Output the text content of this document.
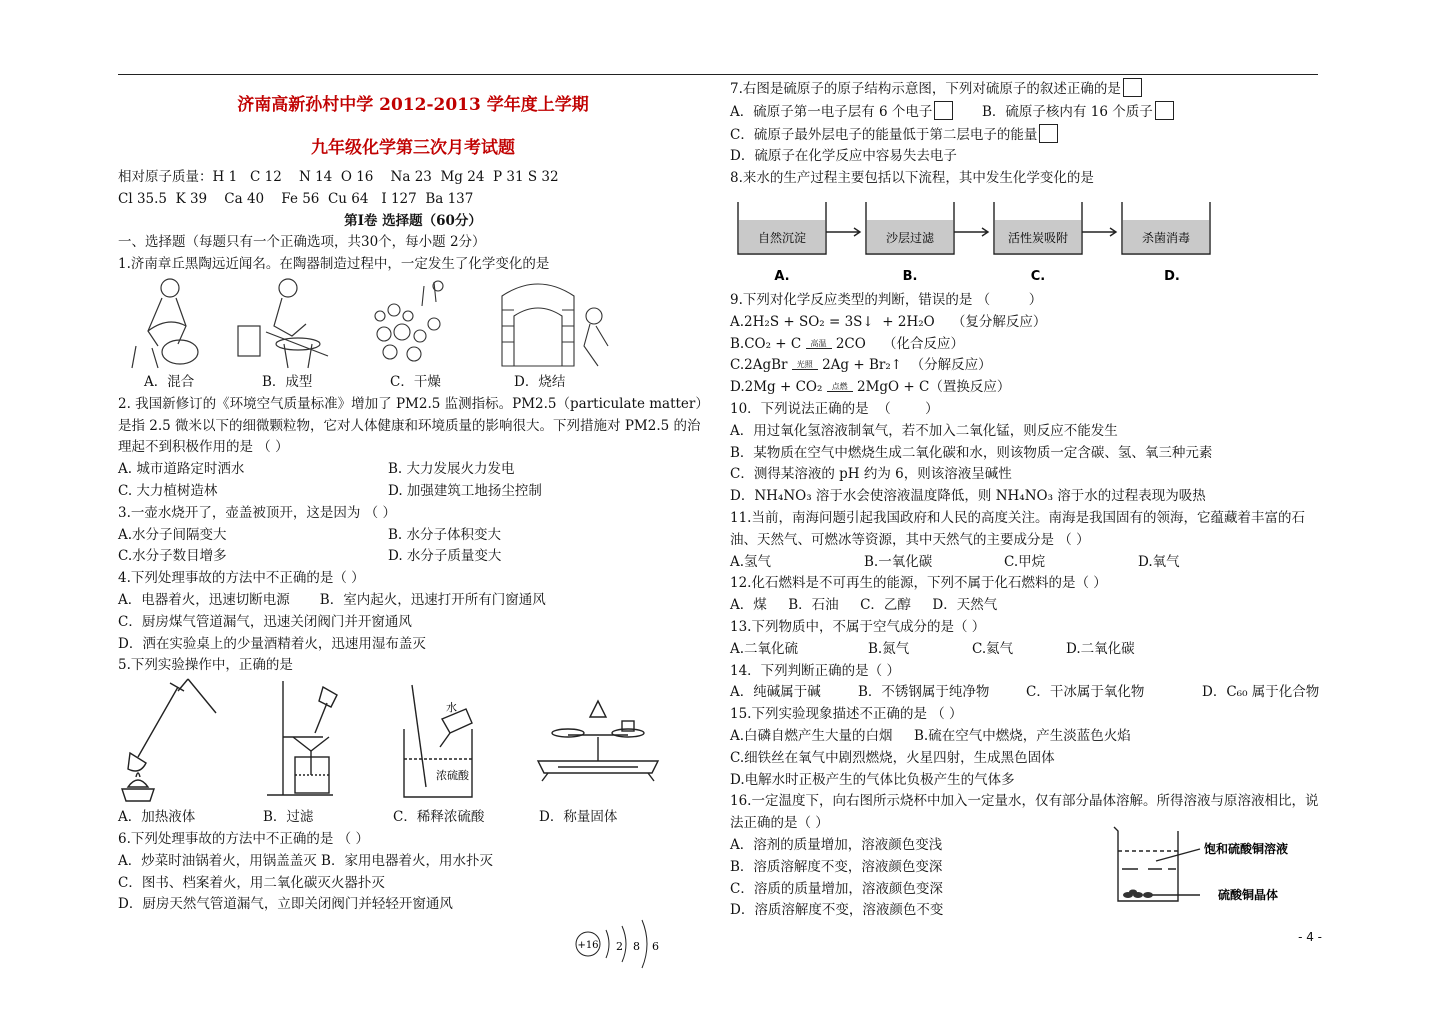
济南高新孙村中学 2012-2013 学年度上学期
九年级化学第三次月考试题
相对原子质量：H 1   C 12    N 14  O 16    Na 23  Mg 24  P 31 S 32
Cl 35.5  K 39    Ca 40    Fe 56  Cu 64   I 127  Ba 137
第Ⅰ卷 选择题（60分）
一、选择题（每题只有一个正确选项，共30个，每小题 2分）
1.济南章丘黑陶远近闻名。在陶器制造过程中，一定发生了化学变化的是
A．混合	B．成型	C．干燥	D．烧结
2. 我国新修订的《环境空气质量标准》增加了 PM2.5 监测指标。PM2.5（particulate matter）是指 2.5 微米以下的细微颗粒物，它对人体健康和环境质量的影响很大。下列措施对 PM2.5 的治理起不到积极作用的是 （ ）
A. 城市道路定时洒水	B. 大力发展火力发电
C. 大力植树造林	D. 加强建筑工地扬尘控制
3.一壶水烧开了，壶盖被顶开，这是因为 （ ）
A.水分子间隔变大	B. 水分子体积变大
C.水分子数目增多	D. 水分子质量变大
4.下列处理事故的方法中不正确的是（ ）
A．电器着火，迅速切断电源       B．室内起火，迅速打开所有门窗通风
C．厨房煤气管道漏气，迅速关闭阀门并开窗通风
D．洒在实验桌上的少量酒精着火，迅速用湿布盖灭
5.下列实验操作中，正确的是
水
浓硫酸
A．加热液体	B．过滤	C．稀释浓硫酸	D．称量固体
6.下列处理事故的方法中不正确的是 （ ）
A．炒菜时油锅着火，用锅盖盖灭 B．家用电器着火，用水扑灭
C．图书、档案着火，用二氧化碳灭火器扑灭
D．厨房天然气管道漏气，立即关闭阀门并轻轻开窗通风
+16 2 8 6
7.右图是硫原子的原子结构示意图，下列对硫原子的叙述正确的是
A．硫原子第一电子层有 6 个电子	B．硫原子核内有 16 个质子
C．硫原子最外层电子的能量低于第二层电子的能量
D．硫原子在化学反应中容易失去电子
8.来水的生产过程主要包括以下流程，其中发生化学变化的是
自然沉淀	沙层过滤	活性炭吸附	杀菌消毒
A.	B.	C.	D.
9.下列对化学反应类型的判断，错误的是 （         ）
A.2H₂S + SO₂ = 3S↓  + 2H₂O    （复分解反应）
B.CO₂ + C 高温 2CO    （化合反应）
C.2AgBr 光照 2Ag + Br₂↑  （分解反应）
D.2Mg + CO₂ 点燃 2MgO + C（置换反应）
10．下列说法正确的是  （        ）
A．用过氧化氢溶液制氧气，若不加入二氧化锰，则反应不能发生
B．某物质在空气中燃烧生成二氧化碳和水，则该物质一定含碳、氢、氧三种元素
C．测得某溶液的 pH 约为 6，则该溶液呈碱性
D．NH₄NO₃ 溶于水会使溶液温度降低，则 NH₄NO₃ 溶于水的过程表现为吸热
11.当前，南海问题引起我国政府和人民的高度关注。南海是我国固有的领海，它蕴藏着丰富的石油、天然气、可燃冰等资源，其中天然气的主要成分是 （ ）
A.氢气	B.一氧化碳	C.甲烷	D.氧气
12.化石燃料是不可再生的能源，下列不属于化石燃料的是（ ）
A．煤     B．石油     C．乙醇     D．天然气
13.下列物质中，不属于空气成分的是（ ）
A.二氧化硫	B.氮气	C.氦气	D.二氧化碳
14．下列判断正确的是（ ）
A．纯碱属于碱	B．不锈钢属于纯净物	C．干冰属于氧化物	D．C₆₀ 属于化合物
15.下列实验现象描述不正确的是 （ ）
A.白磷自燃产生大量的白烟     B.硫在空气中燃烧，产生淡蓝色火焰
C.细铁丝在氧气中剧烈燃烧，火星四射，生成黑色固体
D.电解水时正极产生的气体比负极产生的气体多
16.一定温度下，向右图所示烧杯中加入一定量水，仅有部分晶体溶解。所得溶液与原溶液相比，说法正确的是（ ）
A．溶剂的质量增加，溶液颜色变浅
B．溶质溶解度不变，溶液颜色变深
C．溶质的质量增加，溶液颜色变深
D．溶质溶解度不变，溶液颜色不变
饱和硫酸铜溶液
硫酸铜晶体
- 4 -
